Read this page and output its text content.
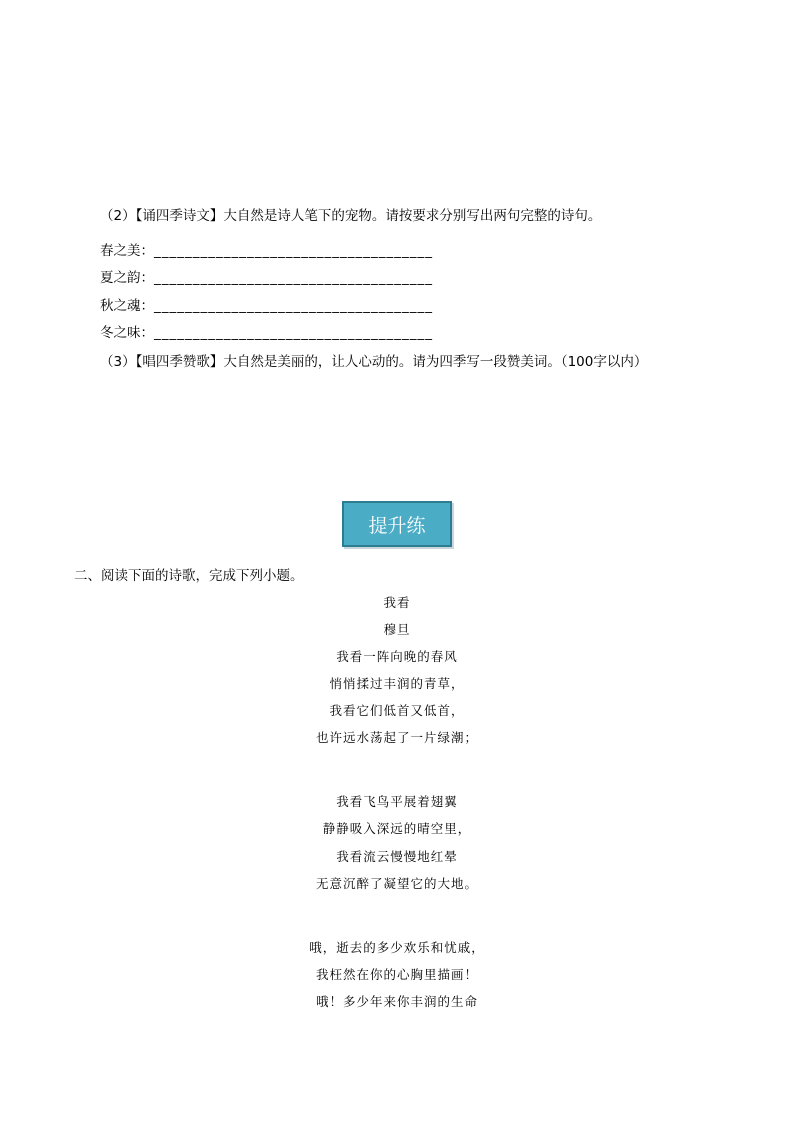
（2）【诵四季诗文】大自然是诗人笔下的宠物。请按要求分别写出两句完整的诗句。
春之美：____________________________________
夏之韵：____________________________________
秋之魂：____________________________________
冬之味：____________________________________
（3）【唱四季赞歌】大自然是美丽的，让人心动的。请为四季写一段赞美词。（100字以内）
提升练
二、阅读下面的诗歌，完成下列小题。
我看
穆旦
我看一阵向晚的春风
悄悄揉过丰润的青草，
我看它们低首又低首，
也许远水荡起了一片绿潮；
我看飞鸟平展着翅翼
静静吸入深远的晴空里，
我看流云慢慢地红晕
无意沉醉了凝望它的大地。
哦，逝去的多少欢乐和忧戚，
我枉然在你的心胸里描画！
哦！多少年来你丰润的生命
